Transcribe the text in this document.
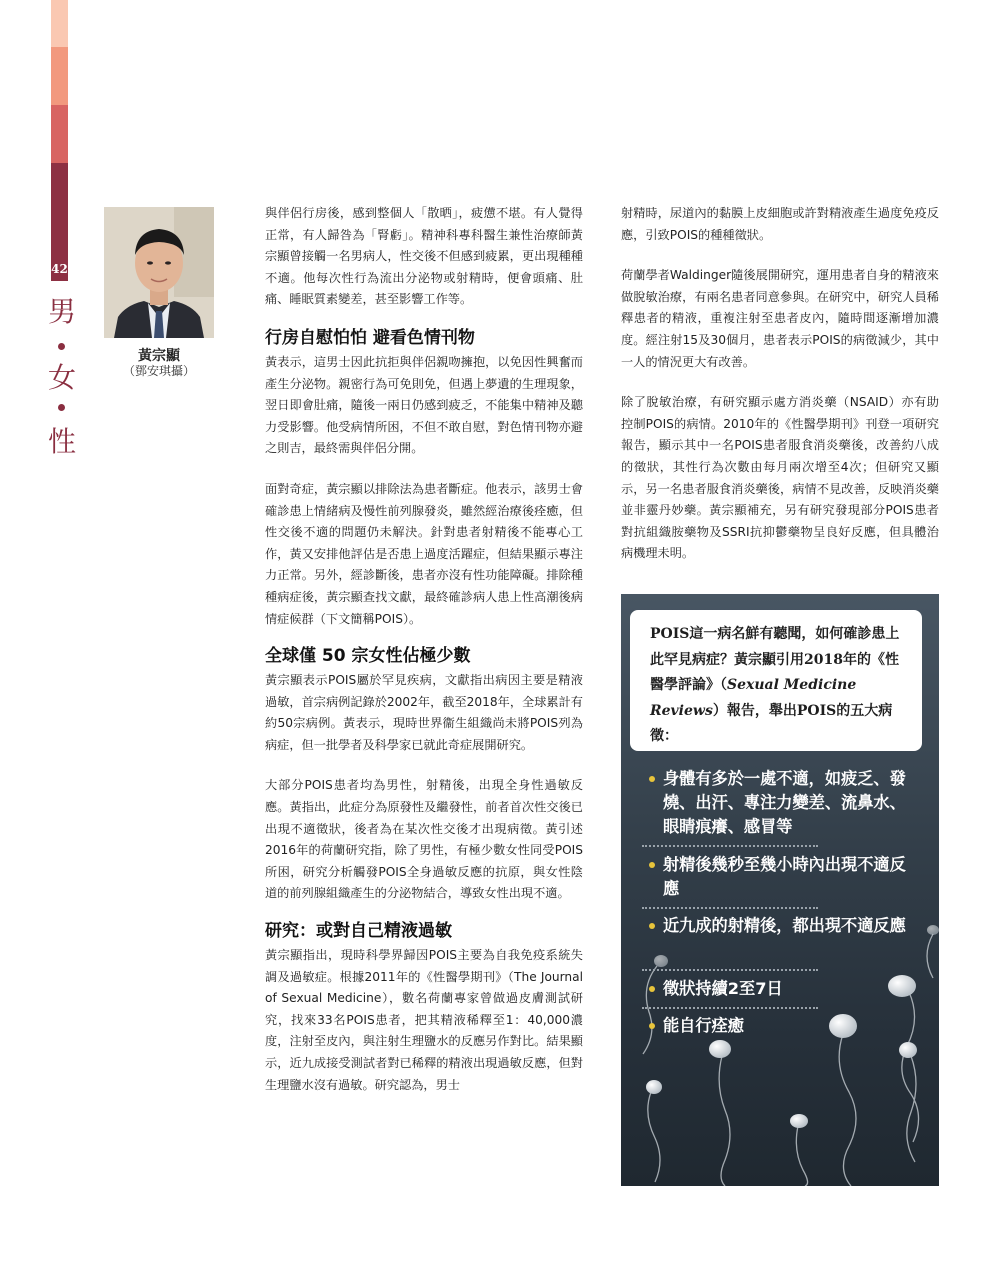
42
男
女
性
黃宗顯
（鄧安琪攝）

與伴侶行房後，感到整個人「散晒」，疲憊不堪。有人覺得正常，有人歸咎為「腎虧」。精神科專科醫生兼性治療師黃宗顯曾接觸一名男病人，性交後不但感到疲累，更出現種種不適。他每次性行為流出分泌物或射精時，便會頭痛、肚痛、睡眠質素變差，甚至影響工作等。

行房自慰怕怕 避看色情刊物

黃表示，這男士因此抗拒與伴侶親吻擁抱，以免因性興奮而產生分泌物。親密行為可免則免，但遇上夢遺的生理現象，翌日即會肚痛，隨後一兩日仍感到疲乏，不能集中精神及聽力受影響。他受病情所困，不但不敢自慰，對色情刊物亦避之則吉，最終需與伴侶分開。

面對奇症，黃宗顯以排除法為患者斷症。他表示，該男士會確診患上情緒病及慢性前列腺發炎，雖然經治療後痊癒，但性交後不適的問題仍未解決。針對患者射精後不能專心工作，黃又安排他評估是否患上過度活躍症，但結果顯示專注力正常。另外，經診斷後，患者亦沒有性功能障礙。排除種種病症後，黃宗顯查找文獻，最終確診病人患上性高潮後病情症候群（下文簡稱POIS）。

全球僅 50 宗女性佔極少數

黃宗顯表示POIS屬於罕見疾病，文獻指出病因主要是精液過敏，首宗病例記錄於2002年，截至2018年，全球累計有約50宗病例。黃表示，現時世界衞生組織尚未將POIS列為病症，但一批學者及科學家已就此奇症展開研究。

大部分POIS患者均為男性，射精後，出現全身性過敏反應。黃指出，此症分為原發性及繼發性，前者首次性交後已出現不適徵狀，後者為在某次性交後才出現病徵。黃引述2016年的荷蘭研究指，除了男性，有極少數女性同受POIS所困，研究分析觸發POIS全身過敏反應的抗原，與女性陰道的前列腺組織產生的分泌物結合，導致女性出現不適。

研究：或對自己精液過敏

黃宗顯指出，現時科學界歸因POIS主要為自我免疫系統失調及過敏症。根據2011年的《性醫學期刊》（The Journal of Sexual Medicine），數名荷蘭專家曾做過皮膚測試研究，找來33名POIS患者，把其精液稀釋至1：40,000濃度，注射至皮內，與注射生理鹽水的反應另作對比。結果顯示，近九成接受測試者對已稀釋的精液出現過敏反應，但對生理鹽水沒有過敏。研究認為，男士

射精時，尿道內的黏膜上皮細胞或許對精液產生過度免疫反應，引致POIS的種種徵狀。

荷蘭學者Waldinger隨後展開研究，運用患者自身的精液來做脫敏治療，有兩名患者同意參與。在研究中，研究人員稀釋患者的精液，重複注射至患者皮內，隨時間逐漸增加濃度。經注射15及30個月，患者表示POIS的病徵減少，其中一人的情況更大有改善。

除了脫敏治療，有研究顯示處方消炎藥（NSAID）亦有助控制POIS的病情。2010年的《性醫學期刊》刊登一項研究報告，顯示其中一名POIS患者服食消炎藥後，改善約八成的徵狀，其性行為次數由每月兩次增至4次；但研究又顯示，另一名患者服食消炎藥後，病情不見改善，反映消炎藥並非靈丹妙藥。黃宗顯補充，另有研究發現部分POIS患者對抗組織胺藥物及SSRI抗抑鬱藥物呈良好反應，但具體治病機理未明。

POIS這一病名鮮有聽聞，如何確診患上此罕見病症？黃宗顯引用2018年的《性醫學評論》（Sexual Medicine Reviews）報告，舉出POIS的五大病徵：
身體有多於一處不適，如疲乏、發燒、出汗、專注力變差、流鼻水、眼睛痕癢、感冒等
射精後幾秒至幾小時內出現不適反應
近九成的射精後，都出現不適反應
徵狀持續2至7日
能自行痊癒
